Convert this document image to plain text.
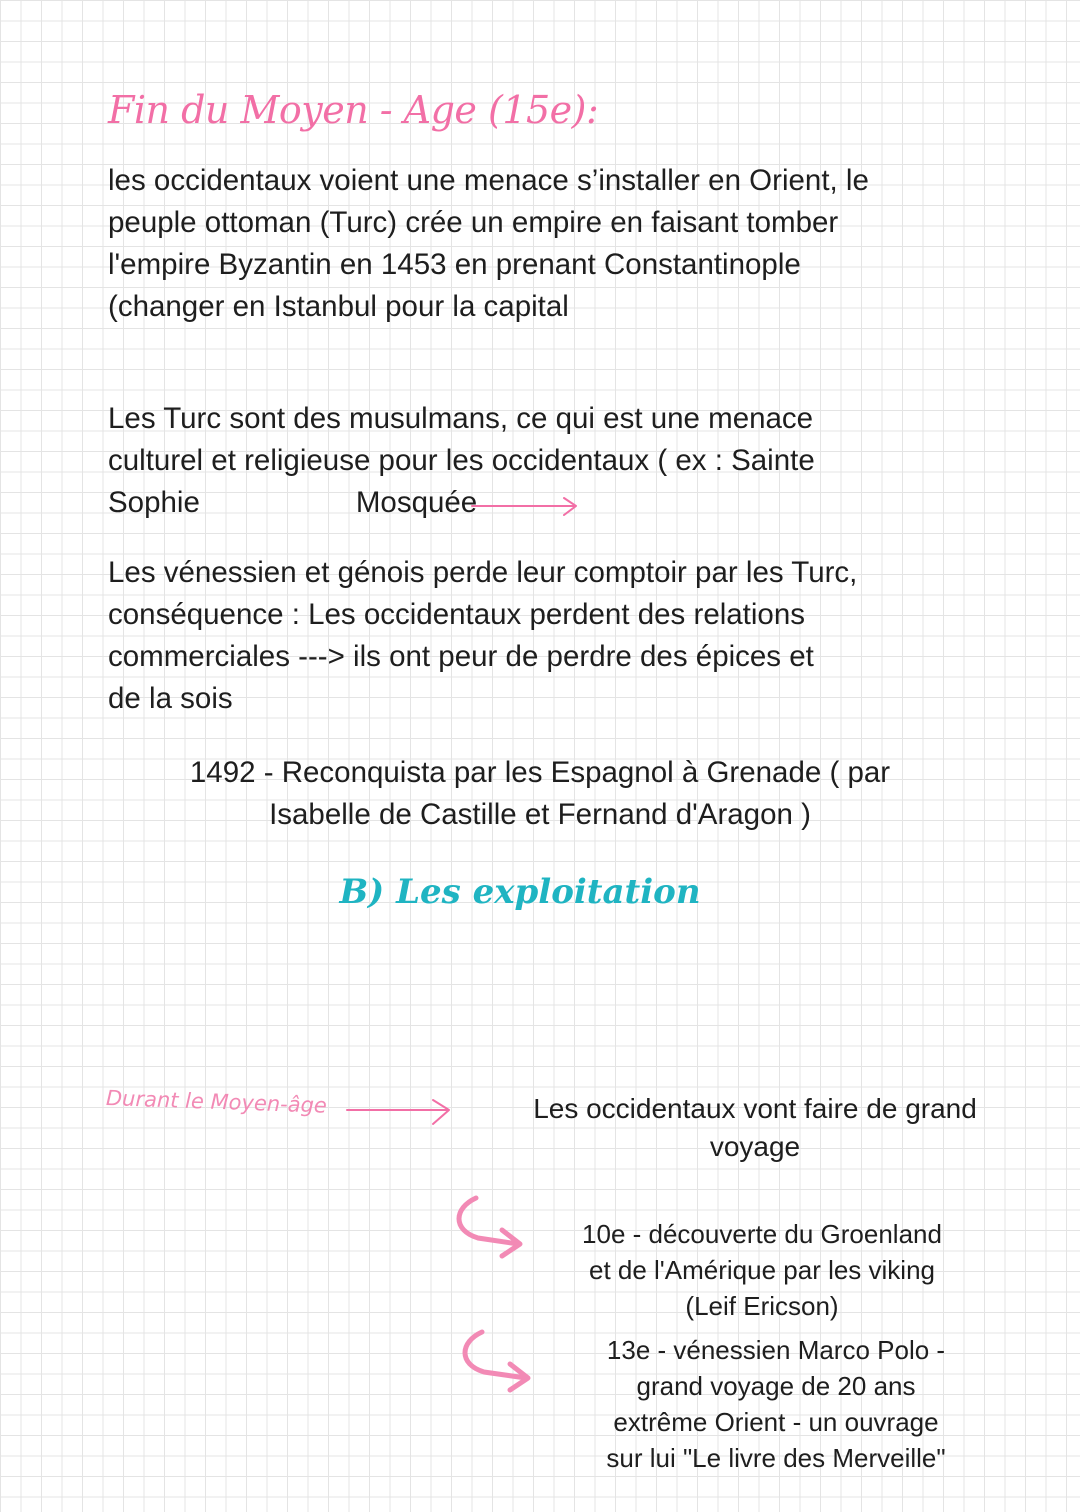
Fin du Moyen - Age (15e):
les occidentaux voient une menace s’installer en Orient, le
peuple ottoman (Turc) crée un empire en faisant tomber
l'empire Byzantin en 1453 en prenant Constantinople
(changer en Istanbul pour la capital
Les Turc sont des musulmans, ce qui est une menace
culturel et religieuse pour les occidentaux ( ex : Sainte
Sophie	Mosquée
Les vénessien et génois perde leur comptoir par les Turc,
conséquence : Les occidentaux perdent des relations
commerciales ---> ils ont peur de perdre des épices et
de la sois
1492 - Reconquista par les Espagnol à Grenade ( par
Isabelle de Castille et Fernand d'Aragon )
B) Les exploitation
Durant le Moyen-âge	Les occidentaux vont faire de grand
voyage
10e - découverte du Groenland
et de l'Amérique par les viking
(Leif Ericson)
13e - vénessien Marco Polo -
grand voyage de 20 ans
extrême Orient - un ouvrage
sur lui "Le livre des Merveille"
